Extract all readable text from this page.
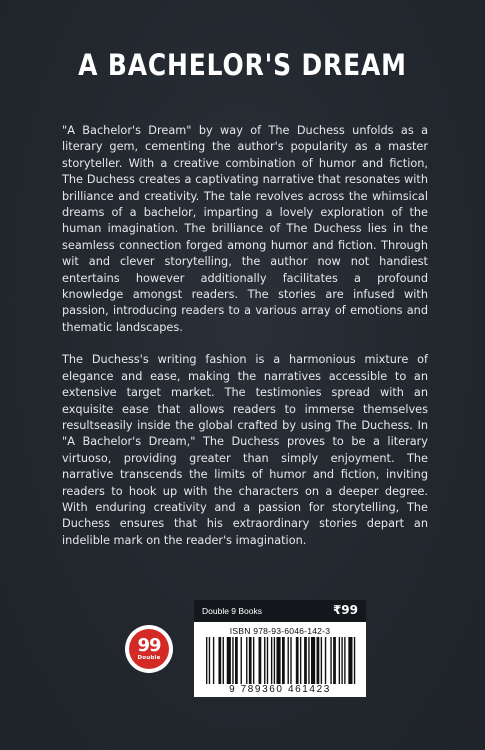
A BACHELOR'S DREAM

"A Bachelor's Dream" by way of The Duchess unfolds as a literary gem, cementing the author's popularity as a master storyteller. With a creative combination of humor and fiction, The Duchess creates a captivating narrative that resonates with brilliance and creativity. The tale revolves across the whimsical dreams of a bachelor, imparting a lovely exploration of the human imagination. The brilliance of The Duchess lies in the seamless connection forged among humor and fiction. Through wit and clever storytelling, the author now not handiest entertains however additionally facilitates a profound knowledge amongst readers. The stories are infused with passion, introducing readers to a various array of emotions and thematic landscapes.

The Duchess's writing fashion is a harmonious mixture of elegance and ease, making the narratives accessible to an extensive target market. The testimonies spread with an exquisite ease that allows readers to immerse themselves resultseasily inside the global crafted by using The Duchess. In "A Bachelor's Dream," The Duchess proves to be a literary virtuoso, providing greater than simply enjoyment. The narrative transcends the limits of humor and fiction, inviting readers to hook up with the characters on a deeper degree. With enduring creativity and a passion for storytelling, The Duchess ensures that his extraordinary stories depart an indelible mark on the reader's imagination.

99
Double
Double 9 Books	₹99
ISBN 978-93-6046-142-3
9 789360 461423
